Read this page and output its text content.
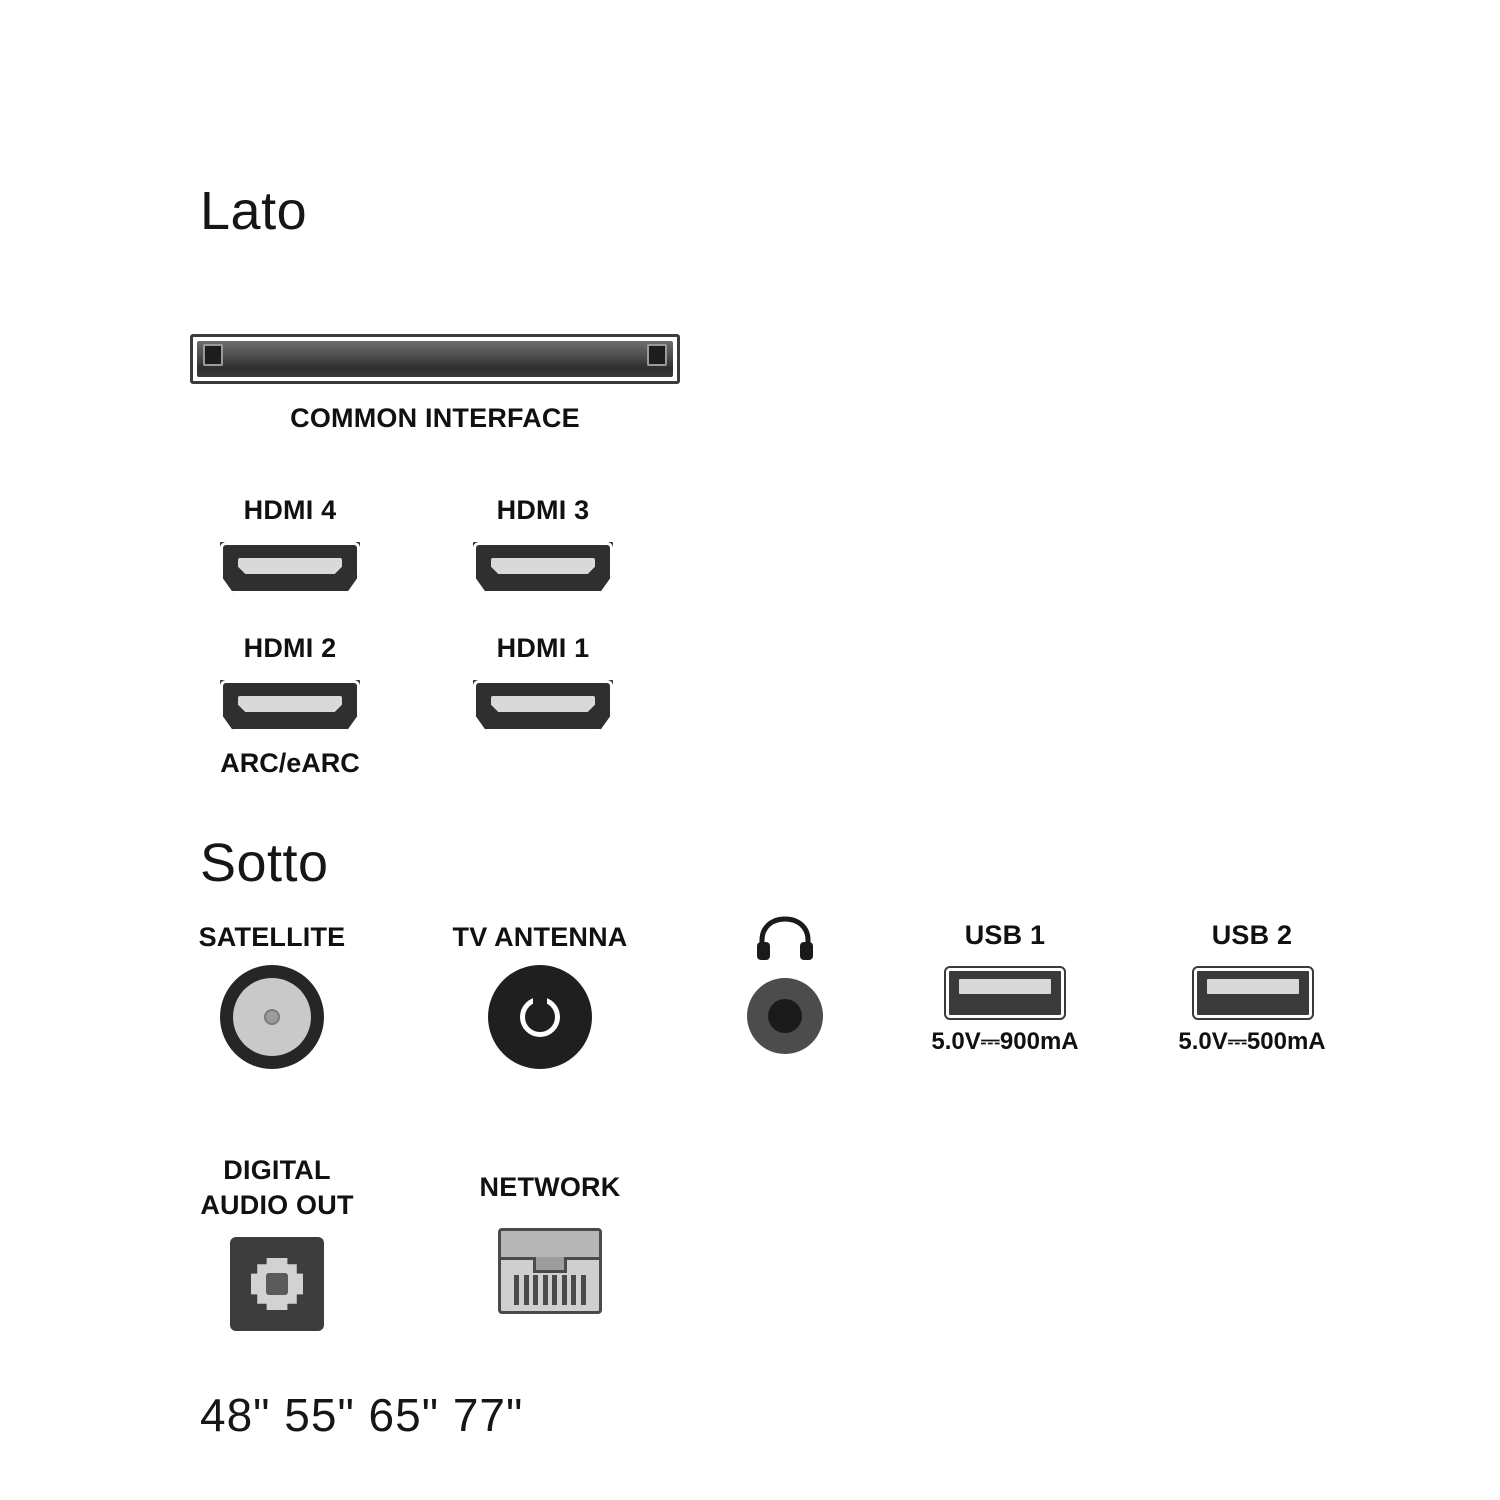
Lato
COMMON INTERFACE
HDMI 4	HDMI 3
HDMI 2
ARC/eARC
HDMI 1
Sotto
SATELLITE	TV ANTENNA	USB 1
5.0V⎓900mA
USB 2
5.0V⎓500mA
DIGITAL
AUDIO OUT
NETWORK
48" 55" 65" 77"
